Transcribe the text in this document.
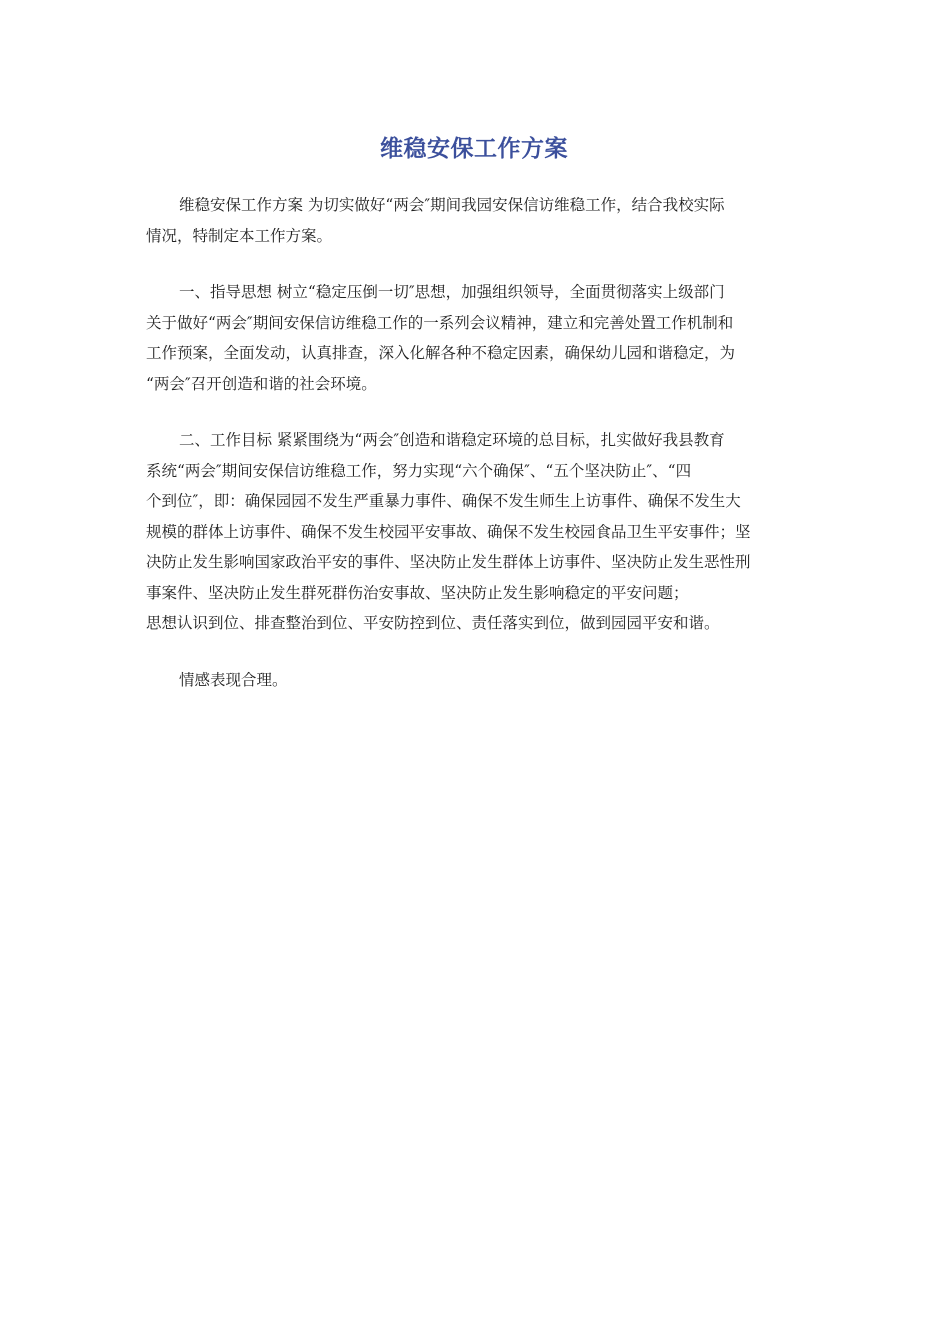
维稳安保工作方案
维稳安保工作方案 为切实做好“两会″期间我园安保信访维稳工作，结合我校实际
情况，特制定本工作方案。
一、指导思想 树立“稳定压倒一切″思想，加强组织领导，全面贯彻落实上级部门
关于做好“两会″期间安保信访维稳工作的一系列会议精神，建立和完善处置工作机制和
工作预案，全面发动，认真排查，深入化解各种不稳定因素，确保幼儿园和谐稳定，为
“两会″召开创造和谐的社会环境。
二、工作目标 紧紧围绕为“两会″创造和谐稳定环境的总目标，扎实做好我县教育
系统“两会″期间安保信访维稳工作，努力实现“六个确保″、“五个坚决防止″、“四
个到位″，即：确保园园不发生严重暴力事件、确保不发生师生上访事件、确保不发生大
规模的群体上访事件、确保不发生校园平安事故、确保不发生校园食品卫生平安事件；坚
决防止发生影响国家政治平安的事件、坚决防止发生群体上访事件、坚决防止发生恶性刑
事案件、坚决防止发生群死群伤治安事故、坚决防止发生影响稳定的平安问题；
思想认识到位、排查整治到位、平安防控到位、责任落实到位，做到园园平安和谐。
情感表现合理。
